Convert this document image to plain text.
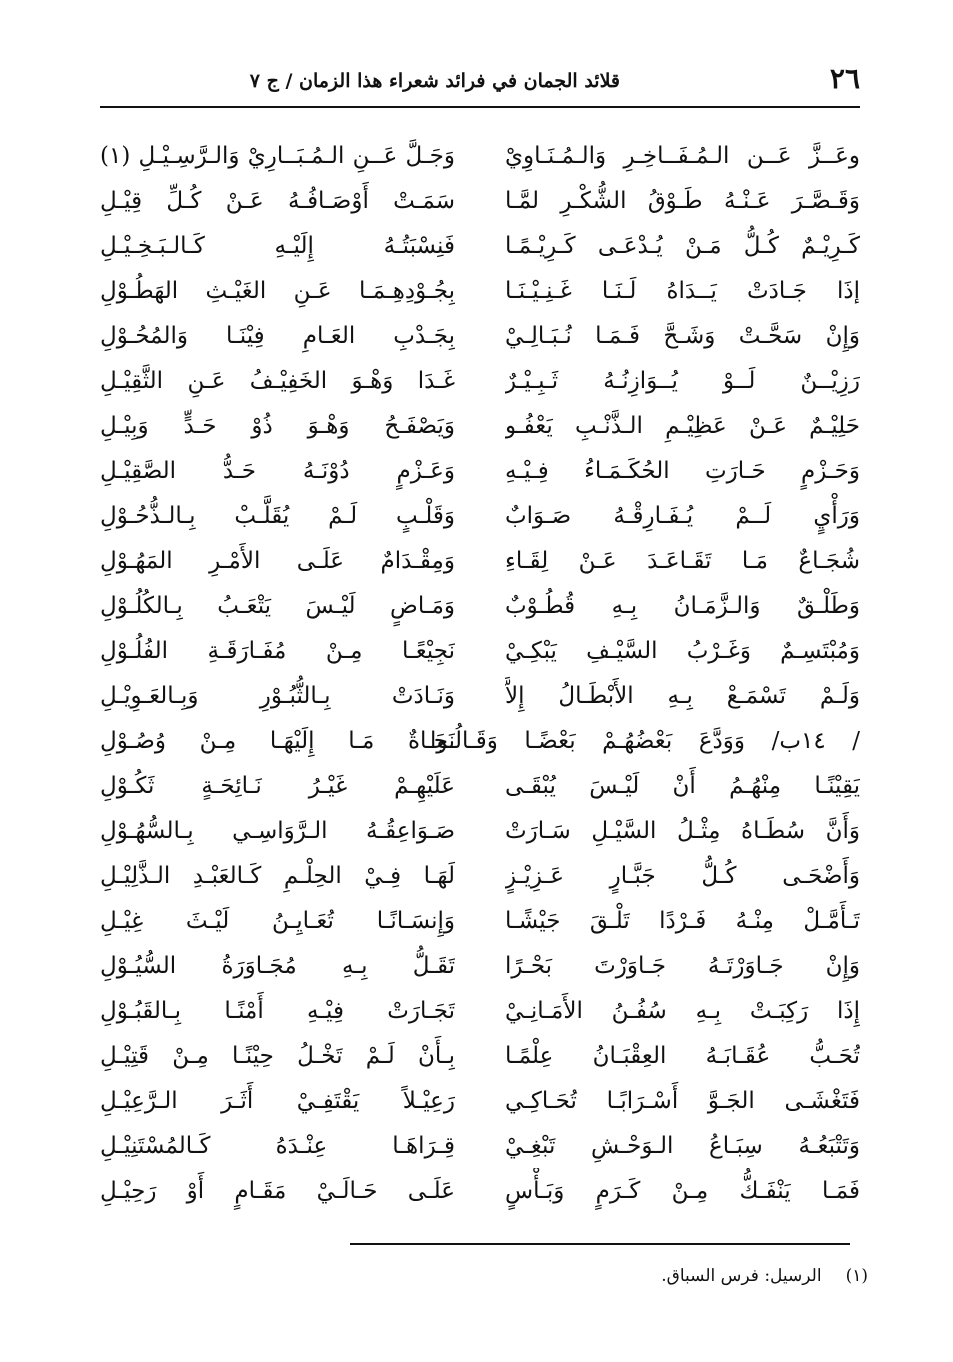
٢٦
قلائد الجمان في فرائد شعراء هذا الزمان / ج ٧
وعَــزَّ عَــن الـمُـفَــاخِـرِ وَالـمُـنَـاوِيْ
وَجَـلَّ عَــنِ الـمُـبَــارِيْ وَالـرَّسِـيْـلِ (١)
وَقَـصَّـرَ عَـنْـهُ طَـوْقُ الشُّكْـرِ لمَّـا
سَمَـتْ أَوْصَـافُـهُ عَـنْ كُـلِّ قِيْـلِ
كَـرِيْـمٌ كُـلُّ مَـنْ يُـدْعَـى كَـرِيْـمًـا
فَنِسْبَتُـهُ إِلَيْـهِ كَـالـبَـخِـيْـلِ
إذَا جَـادَتْ يَــدَاهُ لَـنَـا غَـنِـيْـنَـا
بِجُـوْدِهِـمَـا عَـنِ الغَيْـثِ الهَطُـوْلِ
وَإِنْ سَحَّـتْ وَشَـحَّ فَـمَـا نُـبَـالِـيْ
بِجَـدْبِ العَـامِ فِيْنَـا وَالمُحُـوْلِ
رَزِيْــنٌ لَــوْ يُــوَازِنُـهُ ثَـبِـيْـرٌ
غَـدَا وَهْـوَ الخَفِيْـفُ عَـنِ الثَّقِيْـلِ
حَلِيْـمٌ عَـنْ عَظِيْـمِ الـذَّنْـبِ يَعْفُـو
وَيَصْفَـحُ وَهْـوَ ذُوْ حَـدٍّ وَبِيْـلِ
وَحَـزْمٍ حَـارَتِ الحُكَـمَـاءُ فِـيْـهِ
وَعَـزْمٍ دُوْنَـهُ حَـدُّ الصَّقِيْـلِ
وَرَأْيٍ لَــمْ يُـفَـارِقْـهُ صَـوَابٌ
وَقَلْـبٍ لَـمْ يُقَلَّـبْ بِـالـذُّحُـوْلِ
شُجَـاعٌ مَـا تَقَـاعَـدَ عَـنْ لِقَـاءِ
وَمِقْـدَامٌ عَلَـى الأَمْـرِ المَهُـوْلِ
وَطَلْـقٌ وَالـزَّمَـانُ بِـهِ قُطُـوْبٌ
وَمَـاضٍ لَيْـسَ يَتْعَـبُ بِـالكُلُـوْلِ
وَمُبْتَسِـمٌ وَغَـرْبُ السَّيْـفِ يَبْكِـيْ
نَجِيْعًـا مِـنْ مُفَـارَقَـةِ الفُلُـوْلِ
وَلَـمْ تَسْمَـعْ بِـهِ الأَبْطَـالُ إِلاَّ
وَنَـادَتْ بِـالثُّبُـوْرِ وَبِـالعَـوِيْـلِ
/ ١٤ب/ وَوَدَّعَ بَعْضُهُـمْ بَعْضًـا وَقَـالُـوا
نَجَـاةٌ مَـا إِلَيْهَـا مِـنْ وُصُـوْلِ
يَقِيْنًـا مِنْهُـمُ أَنْ لَيْـسَ يُبْقَـى
عَلَيْهِـمْ غَيْـرُ نَـائِحَـةٍ ثَكُـوْلِ
وَأَنَّ سُطَـاهُ مِثْـلُ السَّيْـلِ سَـارَتْ
صَـوَاعِقُـهُ الـرَّوَاسِـي بِـالسُّهُـوْلِ
وَأَضْحَـى كُـلُّ جَبَّـارٍ عَـزِيْـزٍ
لَهَـا فِـيْ الحِلْـمِ كَـالعَبْـدِ الـذَّلِيْـلِ
تَـأَمَّـلْ مِنْـهُ فَـرْدًا تَلْـقَ جَيْشًـا
وَإِنسَـانًـا تُعَـايِـنُ لَيْـثَ غِيْـلِ
وَإِنْ جَـاوَرْتَـهُ جَـاوَرْتَ بَحْـرًا
تَقَـلُّ بِـهِ مُجَـاوَرَةُ السُّيُـوْلِ
إِذَا رَكِبَـتْ بِـهِ سُفُـنُ الأَمَـانِـيْ
تَجَـارَتْ فِيْـهِ أَمْنًـا بِـالقَبُـوْلِ
تُحَـبُّ عُقَـابَـهُ العِقْبَـانُ عِلْمًـا
بِـأَنْ لَـمْ تَخْـلُ حِيْنًـا مِـنْ قَتِيْـلِ
فَتَغْشَـى الجَـوَّ أَسْـرَابًـا تُحَـاكِـي
رَعِيْـلاً يَقْتَفِـيْ أَثَـرَ الـرَّعِيْـلِ
وَتَتْبَعُـهُ سِبَـاعُ الـوَحْـشِ تَبْغِـيْ
قِـرَاهَـا عِنْـدَهُ كَـالمُسْتَنِيْـلِ
فَمَـا يَنْفَـكُّ مِـنْ كَـرَمٍ وَبَـأْسٍ
عَلَـى حَـالَـيْ مَقَـامٍ أَوْ رَحِيْـلِ
(١)الرسيل: فرس السباق.
